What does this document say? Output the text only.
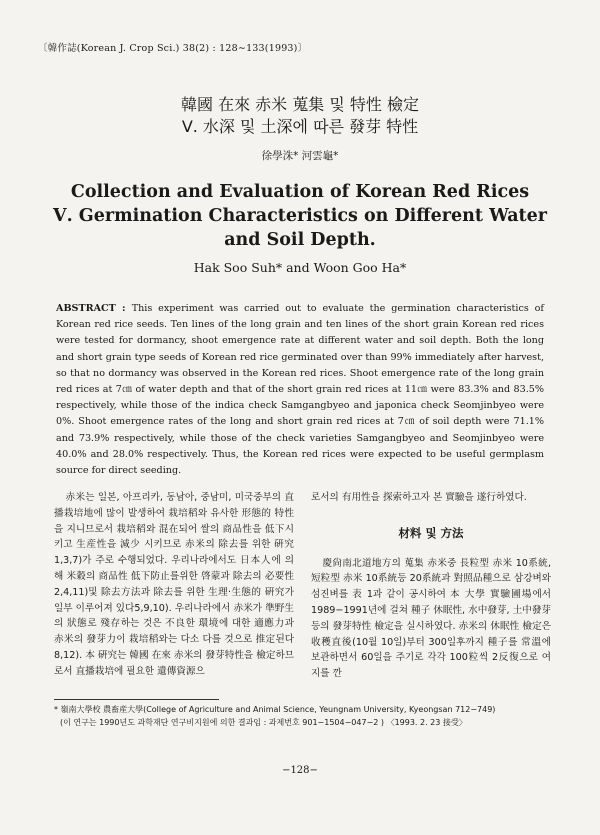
〔韓作誌(Korean J. Crop Sci.) 38(2) : 128∼133(1993)〕
韓國 在來 赤米 蒐集 및 特性 檢定
Ⅴ. 水深 및 土深에 따른 發芽 特性
徐學洙* 河雲龜*
Collection and Evaluation of Korean Red Rices
Ⅴ. Germination Characteristics on Different Water
and Soil Depth.
Hak Soo Suh* and Woon Goo Ha*
ABSTRACT : This experiment was carried out to evaluate the germination characteristics of Korean red rice seeds. Ten lines of the long grain and ten lines of the short grain Korean red rices were tested for dormancy, shoot emergence rate at different water and soil depth. Both the long and short grain type seeds of Korean red rice germinated over than 99% immediately after harvest, so that no dormancy was observed in the Korean red rices. Shoot emergence rate of the long grain red rices at 7㎝ of water depth and that of the short grain red rices at 11㎝ were 83.3% and 83.5% respectively, while those of the indica check Samgangbyeo and japonica check Seomjinbyeo were 0%. Shoot emergence rates of the long and short grain red rices at 7㎝ of soil depth were 71.1% and 73.9% respectively, while those of the check varieties Samgangbyeo and Seomjinbyeo were 40.0% and 28.0% respectively. Thus, the Korean red rices were expected to be useful germplasm source for direct seeding.

赤米는 일본, 아프리카, 동남아, 중남미, 미국중부의 直播栽培地에 많이 발생하여 栽培稻와 유사한 形態的 特性을 지니므로서 栽培稻와 混在되어 쌀의 商品性을 低下시키고 生産性을 減少 시키므로 赤米의 除去를 위한 硏究1,3,7)가 주로 수행되었다. 우리나라에서도 日本人에 의해 米穀의 商品性 低下防止를위한 啓蒙과 除去의 必要性2,4,11)및 除去方法과 除去를 위한 生理·生態的 硏究가 일부 이루어져 있다5,9,10). 우리나라에서 赤米가 準野生의 狀態로 殘存하는 것은 不良한 環境에 대한 適應力과 赤米의 發芽力이 栽培稻와는 다소 다를 것으로 推定된다8,12). 本 硏究는 韓國 在來 赤米의 發芽特性을 檢定하므로서 直播栽培에 필요한 遺傳資源으

로서의 有用性을 探索하고자 본 實驗을 遂行하였다.

材料 및 方法

慶尙南北道地方의 蒐集 赤米중 長粒型 赤米 10系統, 短粒型 赤米 10系統등 20系統과 對照品種으로 삼강벼와 섬진벼를 表 1과 같이 공시하여 本 大學 實驗圃場에서 1989−1991년에 걸쳐 種子 休眠性, 水中發芽, 土中發芽 등의 發芽特性 檢定을 실시하였다. 赤米의 休眠性 檢定은 收穫直後(10월 10일)부터 300일후까지 種子를 常溫에 보관하면서 60일을 주기로 각각 100粒씩 2反復으로 여지를 깐

* 嶺南大學校 農畜産大學(College of Agriculture and Animal Science, Yeungnam University, Kyeongsan 712−749)
(이 연구는 1990년도 과학재단 연구비지원에 의한 결과임 : 과제번호 901−1504−047−2 ) 〈1993. 2. 23 接受〉
−128−
